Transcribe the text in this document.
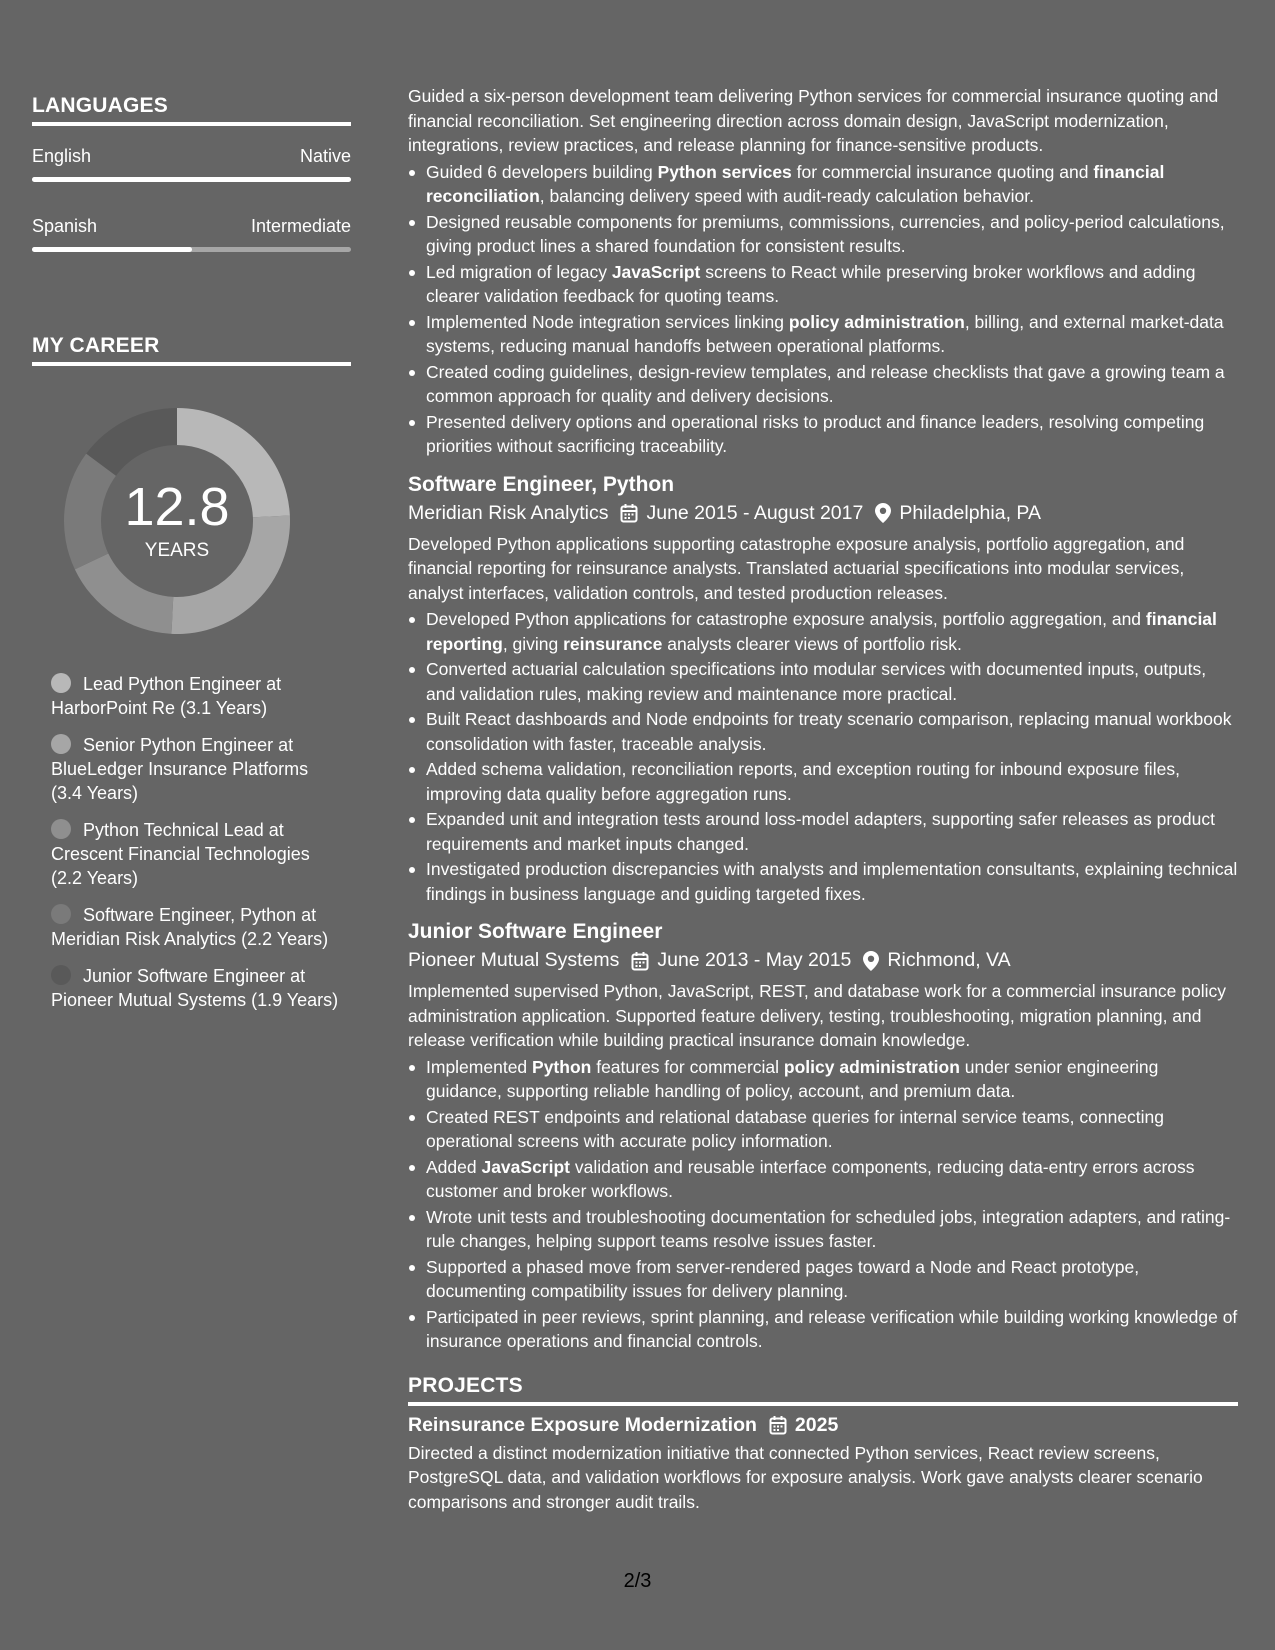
LANGUAGES
English	Native
Spanish	Intermediate
MY CAREER
12.8
YEARS
Lead Python Engineer at HarborPoint Re (3.1 Years)
Senior Python Engineer at BlueLedger Insurance Platforms (3.4 Years)
Python Technical Lead at Crescent Financial Technologies (2.2 Years)
Software Engineer, Python at Meridian Risk Analytics (2.2 Years)
Junior Software Engineer at Pioneer Mutual Systems (1.9 Years)

Guided a six-person development team delivering Python services for commercial insurance quoting and financial reconciliation. Set engineering direction across domain design, JavaScript modernization, integrations, review practices, and release planning for finance-sensitive products.

Guided 6 developers building Python services for commercial insurance quoting and financial reconciliation, balancing delivery speed with audit-ready calculation behavior.
Designed reusable components for premiums, commissions, currencies, and policy-period calculations, giving product lines a shared foundation for consistent results.
Led migration of legacy JavaScript screens to React while preserving broker workflows and adding clearer validation feedback for quoting teams.
Implemented Node integration services linking policy administration, billing, and external market-data systems, reducing manual handoffs between operational platforms.
Created coding guidelines, design-review templates, and release checklists that gave a growing team a common approach for quality and delivery decisions.
Presented delivery options and operational risks to product and finance leaders, resolving competing priorities without sacrificing traceability.
Software Engineer, Python
Meridian Risk Analytics June 2015 - August 2017 Philadelphia, PA

Developed Python applications supporting catastrophe exposure analysis, portfolio aggregation, and financial reporting for reinsurance analysts. Translated actuarial specifications into modular services, analyst interfaces, validation controls, and tested production releases.

Developed Python applications for catastrophe exposure analysis, portfolio aggregation, and financial reporting, giving reinsurance analysts clearer views of portfolio risk.
Converted actuarial calculation specifications into modular services with documented inputs, outputs, and validation rules, making review and maintenance more practical.
Built React dashboards and Node endpoints for treaty scenario comparison, replacing manual workbook consolidation with faster, traceable analysis.
Added schema validation, reconciliation reports, and exception routing for inbound exposure files, improving data quality before aggregation runs.
Expanded unit and integration tests around loss-model adapters, supporting safer releases as product requirements and market inputs changed.
Investigated production discrepancies with analysts and implementation consultants, explaining technical findings in business language and guiding targeted fixes.
Junior Software Engineer
Pioneer Mutual Systems June 2013 - May 2015 Richmond, VA

Implemented supervised Python, JavaScript, REST, and database work for a commercial insurance policy administration application. Supported feature delivery, testing, troubleshooting, migration planning, and release verification while building practical insurance domain knowledge.

Implemented Python features for commercial policy administration under senior engineering guidance, supporting reliable handling of policy, account, and premium data.
Created REST endpoints and relational database queries for internal service teams, connecting operational screens with accurate policy information.
Added JavaScript validation and reusable interface components, reducing data-entry errors across customer and broker workflows.
Wrote unit tests and troubleshooting documentation for scheduled jobs, integration adapters, and rating-rule changes, helping support teams resolve issues faster.
Supported a phased move from server-rendered pages toward a Node and React prototype, documenting compatibility issues for delivery planning.
Participated in peer reviews, sprint planning, and release verification while building working knowledge of insurance operations and financial controls.
PROJECTS
Reinsurance Exposure Modernization 2025

Directed a distinct modernization initiative that connected Python services, React review screens, PostgreSQL data, and validation workflows for exposure analysis. Work gave analysts clearer scenario comparisons and stronger audit trails.

2/3
